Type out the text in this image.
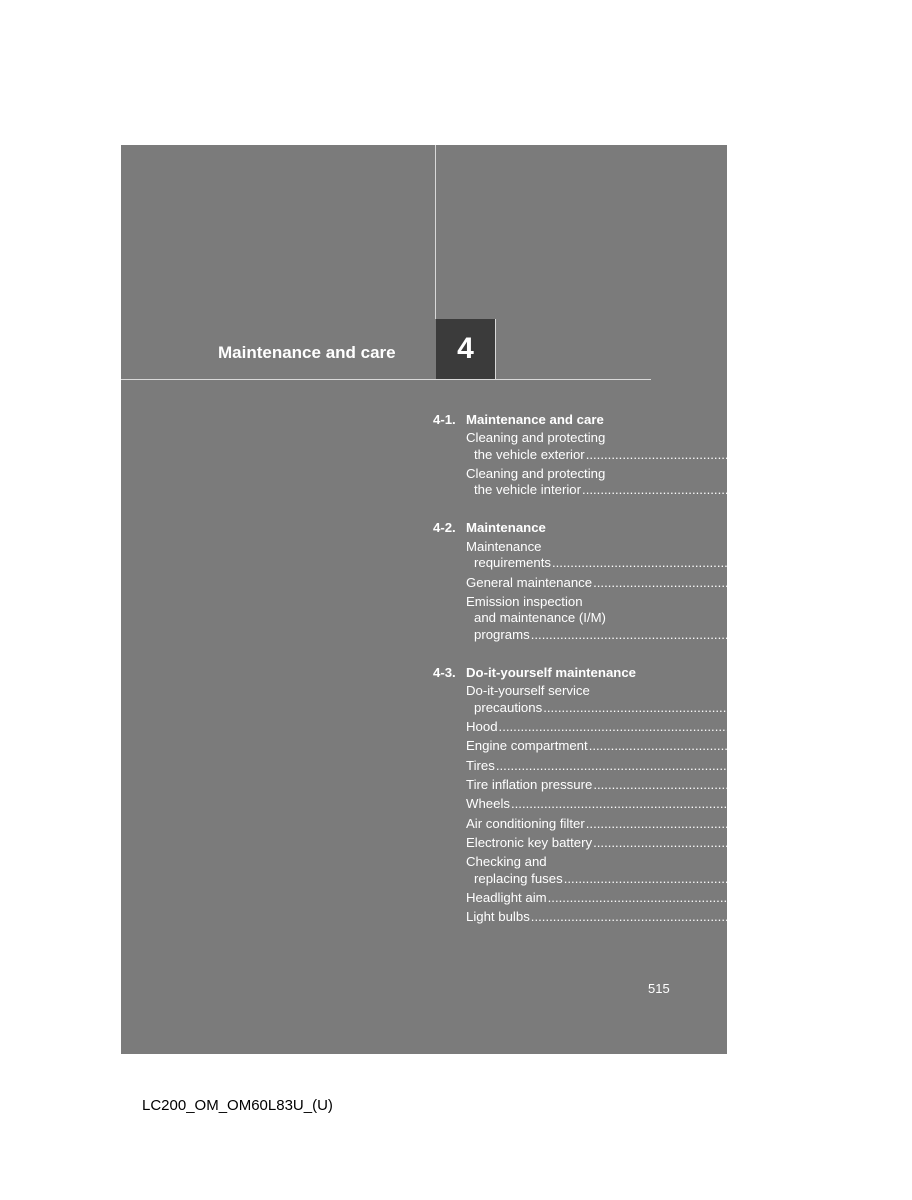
Maintenance and care 4
4-1. Maintenance and care
Cleaning and protecting
the vehicle exterior ................................................................................ 516
Cleaning and protecting
the vehicle interior ................................................................................ 519
4-2. Maintenance
Maintenance
requirements ................................................................................ 522
General maintenance ................................................................................ 525
Emission inspection
and maintenance (I/M)
programs ................................................................................ 528
4-3. Do-it-yourself maintenance
Do-it-yourself service
precautions ................................................................................ 529
Hood ................................................................................ 532
Engine compartment ................................................................................ 533
Tires ................................................................................ 548
Tire inflation pressure ................................................................................ 557
Wheels ................................................................................ 561
Air conditioning filter ................................................................................ 564
Electronic key battery ................................................................................ 567
Checking and
replacing fuses ................................................................................ 570
Headlight aim ................................................................................ 584
Light bulbs ................................................................................ 586
515
LC200_OM_OM60L83U_(U)
